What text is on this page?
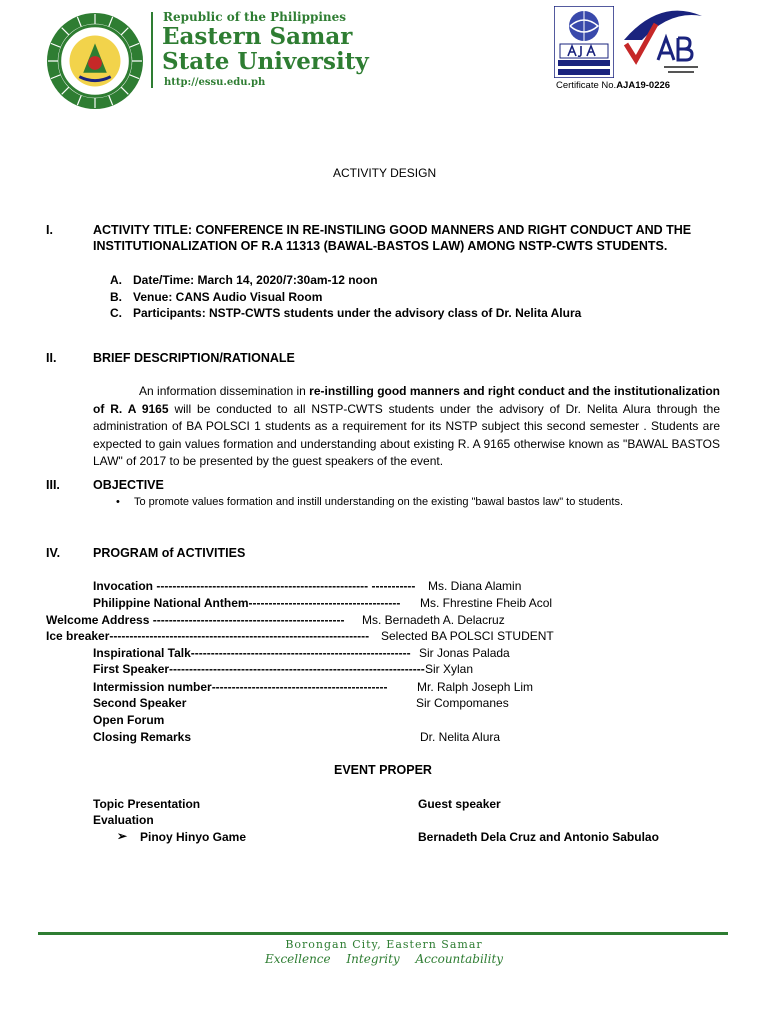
Republic of the Philippines
Eastern Samar
State University
http://essu.edu.ph	Certificate No.AJA19-0226
ACTIVITY DESIGN
I.	ACTIVITY TITLE: CONFERENCE IN RE-INSTILING GOOD MANNERS AND RIGHT CONDUCT AND THE
INSTITUTIONALIZATION OF R.A 11313 (BAWAL-BASTOS LAW) AMONG NSTP-CWTS STUDENTS.
A. Date/Time: March 14, 2020/7:30am-12 noon
B. Venue: CANS Audio Visual Room
C. Participants: NSTP-CWTS students under the advisory class of Dr. Nelita Alura
II.	BRIEF DESCRIPTION/RATIONALE
An information dissemination in re-instilling good manners and right conduct and the institutionalization of R. A 9165 will be conducted to all NSTP-CWTS students under the advisory of Dr. Nelita Alura through the administration of BA POLSCI 1 students as a requirement for its NSTP subject this second semester . Students are expected to gain values formation and understanding about existing R. A 9165 otherwise known as "BAWAL BASTOS LAW" of 2017 to be presented by the guest speakers of the event.
III.	OBJECTIVE
• To promote values formation and instill understanding on the existing "bawal bastos law" to students.
IV.	PROGRAM of ACTIVITIES
Invocation ----------------------------------------------------- ----------- Ms. Diana Alamin
Philippine National Anthem-------------------------------------- Ms. Fhrestine Fheib Acol
Welcome Address ------------------------------------------------ Ms. Bernadeth A. Delacruz
Ice breaker----------------------------------------------------------------- Selected BA POLSCI STUDENT
Inspirational Talk------------------------------------------------------- Sir Jonas Palada
First Speaker---------------------------------------------------------------- Sir Xylan
Intermission number-------------------------------------------- Mr. Ralph Joseph Lim
Second Speaker	Sir Compomanes
Open Forum
Closing Remarks	Dr. Nelita Alura
EVENT PROPER
Topic Presentation	Guest speaker
Evaluation
➢ Pinoy Hinyo Game	Bernadeth Dela Cruz and Antonio Sabulao
Borongan City, Eastern Samar
Excellence Integrity Accountability
